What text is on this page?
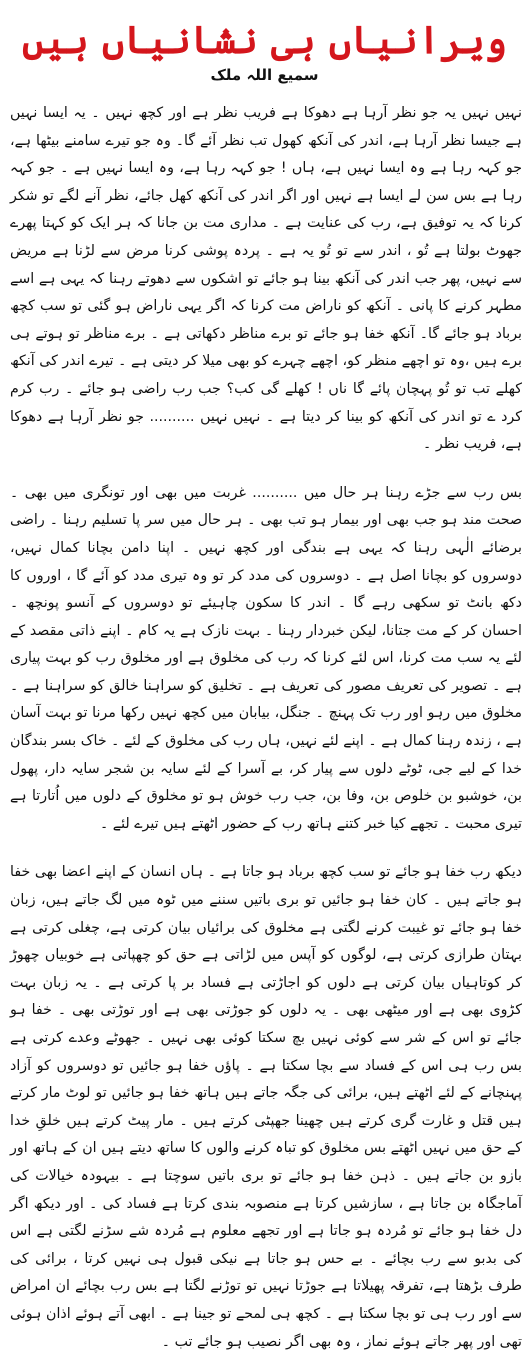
ویرانیاں ہی نشانیاں ہیں
سمیع اللہ ملک

نہیں نہیں یہ جو نظر آرہا ہے دھوکا ہے فریب نظر ہے اور کچھ نہیں ۔ یہ ایسا نہیں ہے جیسا نظر آرہا ہے، اندر کی آنکھ کھول تب نظر آئے گا۔ وہ جو تیرے سامنے بیٹھا ہے، جو کہہ رہا ہے وہ ایسا نہیں ہے، ہاں ! جو کہہ رہا ہے، وہ ایسا نہیں ہے ۔ جو کہہ رہا ہے بس سن لے ایسا ہے نہیں اور اگر اندر کی آنکھ کھل جائے، نظر آنے لگے تو شکر کرنا کہ یہ توفیق ہے، رب کی عنایت ہے ۔ مداری مت بن جانا کہ ہر ایک کو کہتا پھرے جھوٹ بولتا ہے تُو ، اندر سے تو تُو یہ ہے ۔ پردہ پوشی کرنا مرض سے لڑنا ہے مریض سے نہیں، پھر جب اندر کی آنکھ بینا ہو جائے تو اشکوں سے دھوتے رہنا کہ یہی ہے اسے مطہر کرنے کا پانی ۔ آنکھ کو ناراض مت کرنا کہ اگر یہی ناراض ہو گئی تو سب کچھ برباد ہو جائے گا۔ آنکھ خفا ہو جائے تو برے مناظر دکھاتی ہے ۔ برے مناظر تو ہوتے ہی برے ہیں ،وہ تو اچھے منظر کو، اچھے چہرے کو بھی میلا کر دیتی ہے ۔ تیرے اندر کی آنکھ کھلے تب تو تُو پہچان پائے گا ناں ! کھلے گی کب؟ جب رب راضی ہو جائے ۔ رب کرم کرد ے تو اندر کی آنکھ کو بینا کر دیتا ہے ۔ نہیں نہیں .......... جو نظر آرہا ہے دھوکا ہے، فریب نظر ۔

بس رب سے جڑے رہنا ہر حال میں .......... غربت میں بھی اور تونگری میں بھی ۔ صحت مند ہو جب بھی اور بیمار ہو تب بھی ۔ ہر حال میں سر پا تسلیم رہنا ۔ راضی برضائے الٰہی رہنا کہ یہی ہے بندگی اور کچھ نہیں ۔ اپنا دامن بچانا کمال نہیں، دوسروں کو بچانا اصل ہے ۔ دوسروں کی مدد کر تو وہ تیری مدد کو آئے گا ، اوروں کا دکھ بانٹ تو سکھی رہے گا ۔ اندر کا سکون چاہیئے تو دوسروں کے آنسو پونچھ ۔ احسان کر کے مت جتانا، لیکن خبردار رہنا ۔ بہت نازک ہے یہ کام ۔ اپنے ذاتی مقصد کے لئے یہ سب مت کرنا، اس لئے کرنا کہ رب کی مخلوق ہے اور مخلوق رب کو بہت پیاری ہے ۔ تصویر کی تعریف مصور کی تعریف ہے ۔ تخلیق کو سراہنا خالق کو سراہنا ہے ۔ مخلوق میں رہو اور رب تک پہنچ ۔ جنگل، بیابان میں کچھ نہیں رکھا مرنا تو بہت آسان ہے ، زندہ رہنا کمال ہے ۔ اپنے لئے نہیں، ہاں رب کی مخلوق کے لئے ۔ خاک بسر بندگان خدا کے لیے جی، ٹوٹے دلوں سے پیار کر، بے آسرا کے لئے سایہ بن شجر سایہ دار، پھول بن، خوشبو بن خلوص بن، وفا بن، جب رب خوش ہو تو مخلوق کے دلوں میں اُتارتا ہے تیری محبت ۔ تجھے کیا خبر کتنے ہاتھ رب کے حضور اٹھتے ہیں تیرے لئے ۔

دیکھ رب خفا ہو جائے تو سب کچھ برباد ہو جاتا ہے ۔ ہاں انسان کے اپنے اعضا بھی خفا ہو جاتے ہیں ۔ کان خفا ہو جائیں تو بری باتیں سننے میں ٹوہ میں لگ جاتے ہیں، زبان خفا ہو جائے تو غیبت کرنے لگتی ہے مخلوق کی برائیاں بیان کرتی ہے، چغلی کرتی ہے بہتان طرازی کرتی ہے، لوگوں کو آپس میں لڑاتی ہے حق کو چھپاتی ہے خوبیاں چھوڑ کر کوتاہیاں بیان کرتی ہے دلوں کو اجاڑتی ہے فساد بر پا کرتی ہے ۔ یہ زبان بہت کڑوی بھی ہے اور میٹھی بھی ۔ یہ دلوں کو جوڑتی بھی ہے اور توڑتی بھی ۔ خفا ہو جائے تو اس کے شر سے کوئی نہیں بچ سکتا کوئی بھی نہیں ۔ جھوٹے وعدے کرتی ہے بس رب ہی اس کے فساد سے بچا سکتا ہے ۔ پاؤں خفا ہو جائیں تو دوسروں کو آزاد پہنچانے کے لئے اٹھتے ہیں، برائی کی جگہ جاتے ہیں ہاتھ خفا ہو جائیں تو لوٹ مار کرتے ہیں قتل و غارت گری کرتے ہیں چھینا جھپٹی کرتے ہیں ۔ مار پیٹ کرتے ہیں خلقِ خدا کے حق میں نہیں اٹھتے بس مخلوق کو تباہ کرنے والوں کا ساتھ دیتے ہیں ان کے ہاتھ اور بازو بن جاتے ہیں ۔ ذہن خفا ہو جائے تو بری باتیں سوچتا ہے ۔ بیہودہ خیالات کی آماجگاہ بن جاتا ہے ، سازشیں کرتا ہے منصوبہ بندی کرتا ہے فساد کی ۔ اور دیکھ اگر دل خفا ہو جائے تو مُردہ ہو جاتا ہے اور تجھے معلوم ہے مُردہ شے سڑنے لگتی ہے اس کی بدبو سے رب بچائے ۔ بے حس ہو جاتا ہے نیکی قبول ہی نہیں کرتا ، برائی کی طرف بڑھتا ہے، تفرقہ پھیلاتا ہے جوڑتا نہیں تو توڑنے لگتا ہے بس رب بچائے ان امراض سے اور رب ہی تو بچا سکتا ہے ۔ کچھ ہی لمحے تو جینا ہے ۔ ابھی آتے ہوئے اذان ہوئی تھی اور پھر جاتے ہوئے نماز ، وہ بھی اگر نصیب ہو جائے تب ۔
